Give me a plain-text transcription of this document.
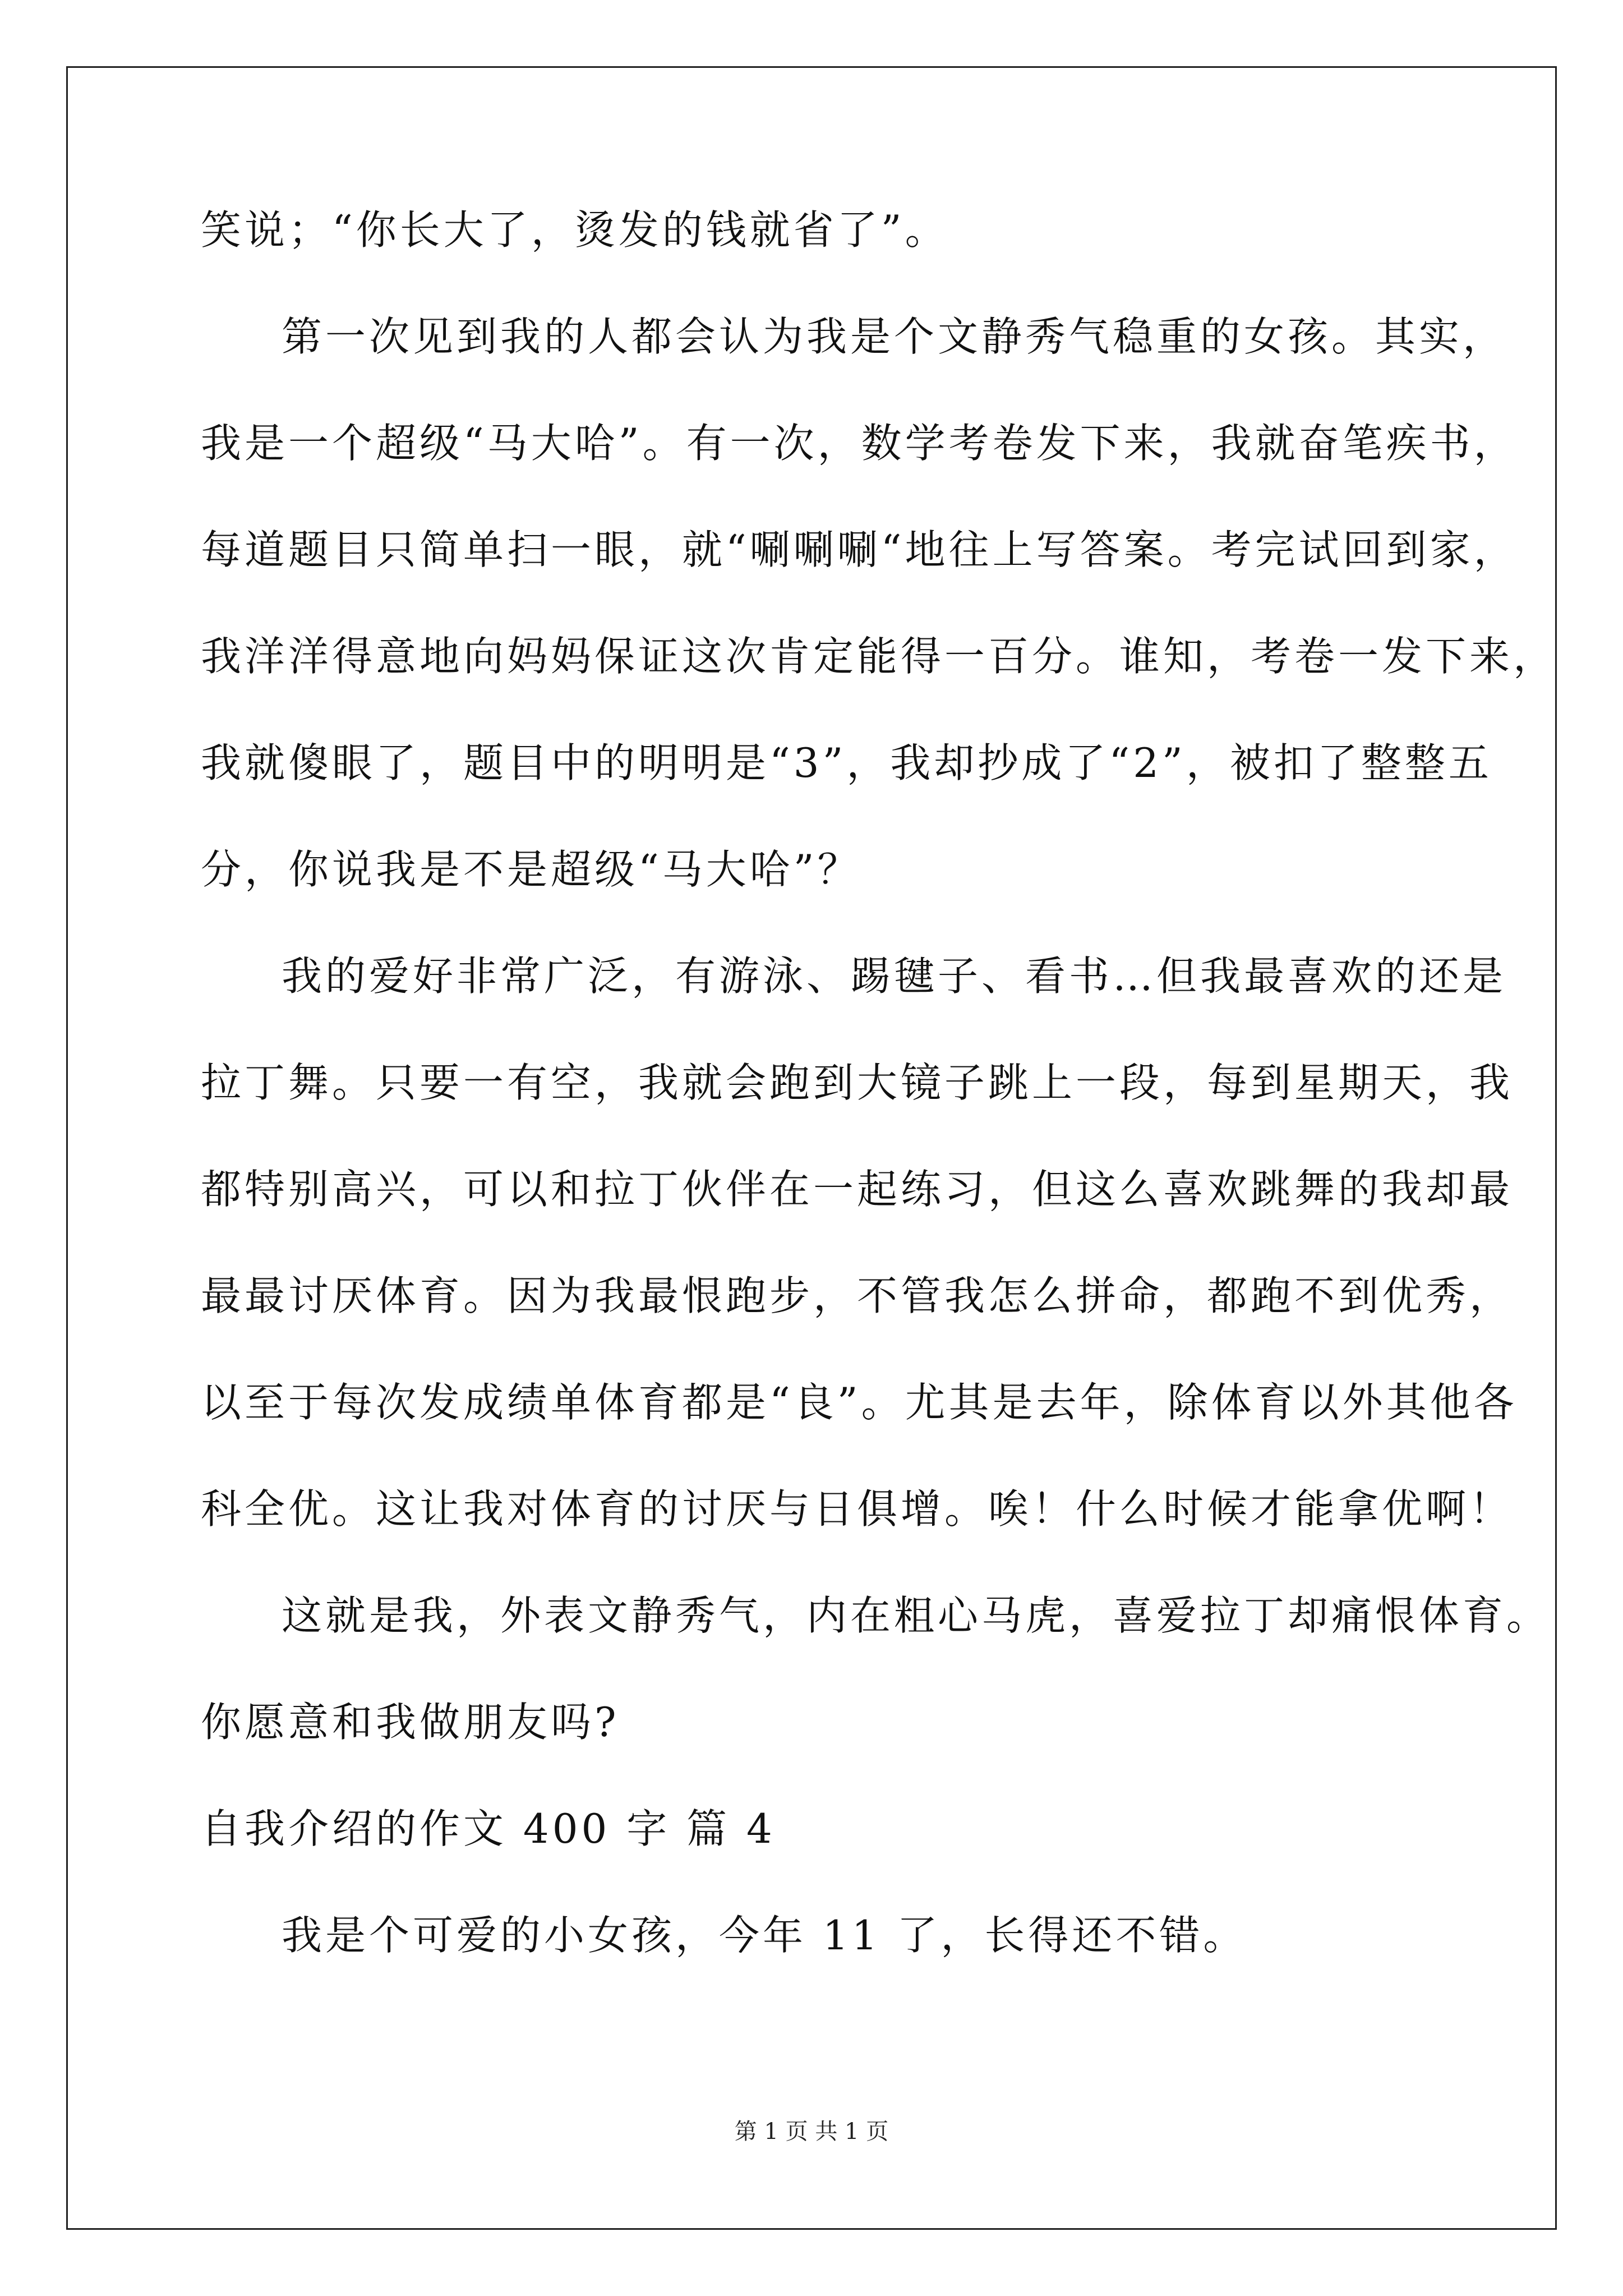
笑说；“你长大了，烫发的钱就省了”。
第一次见到我的人都会认为我是个文静秀气稳重的女孩。其实，
我是一个超级“马大哈”。有一次，数学考卷发下来，我就奋笔疾书，
每道题目只简单扫一眼，就“唰唰唰“地往上写答案。考完试回到家，
我洋洋得意地向妈妈保证这次肯定能得一百分。谁知，考卷一发下来，
我就傻眼了，题目中的明明是“3”，我却抄成了“2”，被扣了整整五
分，你说我是不是超级“马大哈”？
我的爱好非常广泛，有游泳、踢毽子、看书…但我最喜欢的还是
拉丁舞。只要一有空，我就会跑到大镜子跳上一段，每到星期天，我
都特别高兴，可以和拉丁伙伴在一起练习，但这么喜欢跳舞的我却最
最最讨厌体育。因为我最恨跑步，不管我怎么拼命，都跑不到优秀，
以至于每次发成绩单体育都是“良”。尤其是去年，除体育以外其他各
科全优。这让我对体育的讨厌与日俱增。唉！什么时候才能拿优啊！
这就是我，外表文静秀气，内在粗心马虎，喜爱拉丁却痛恨体育。
你愿意和我做朋友吗?
自我介绍的作文 400 字 篇 4
我是个可爱的小女孩，今年 11 了，长得还不错。
第 1 页 共 1 页
